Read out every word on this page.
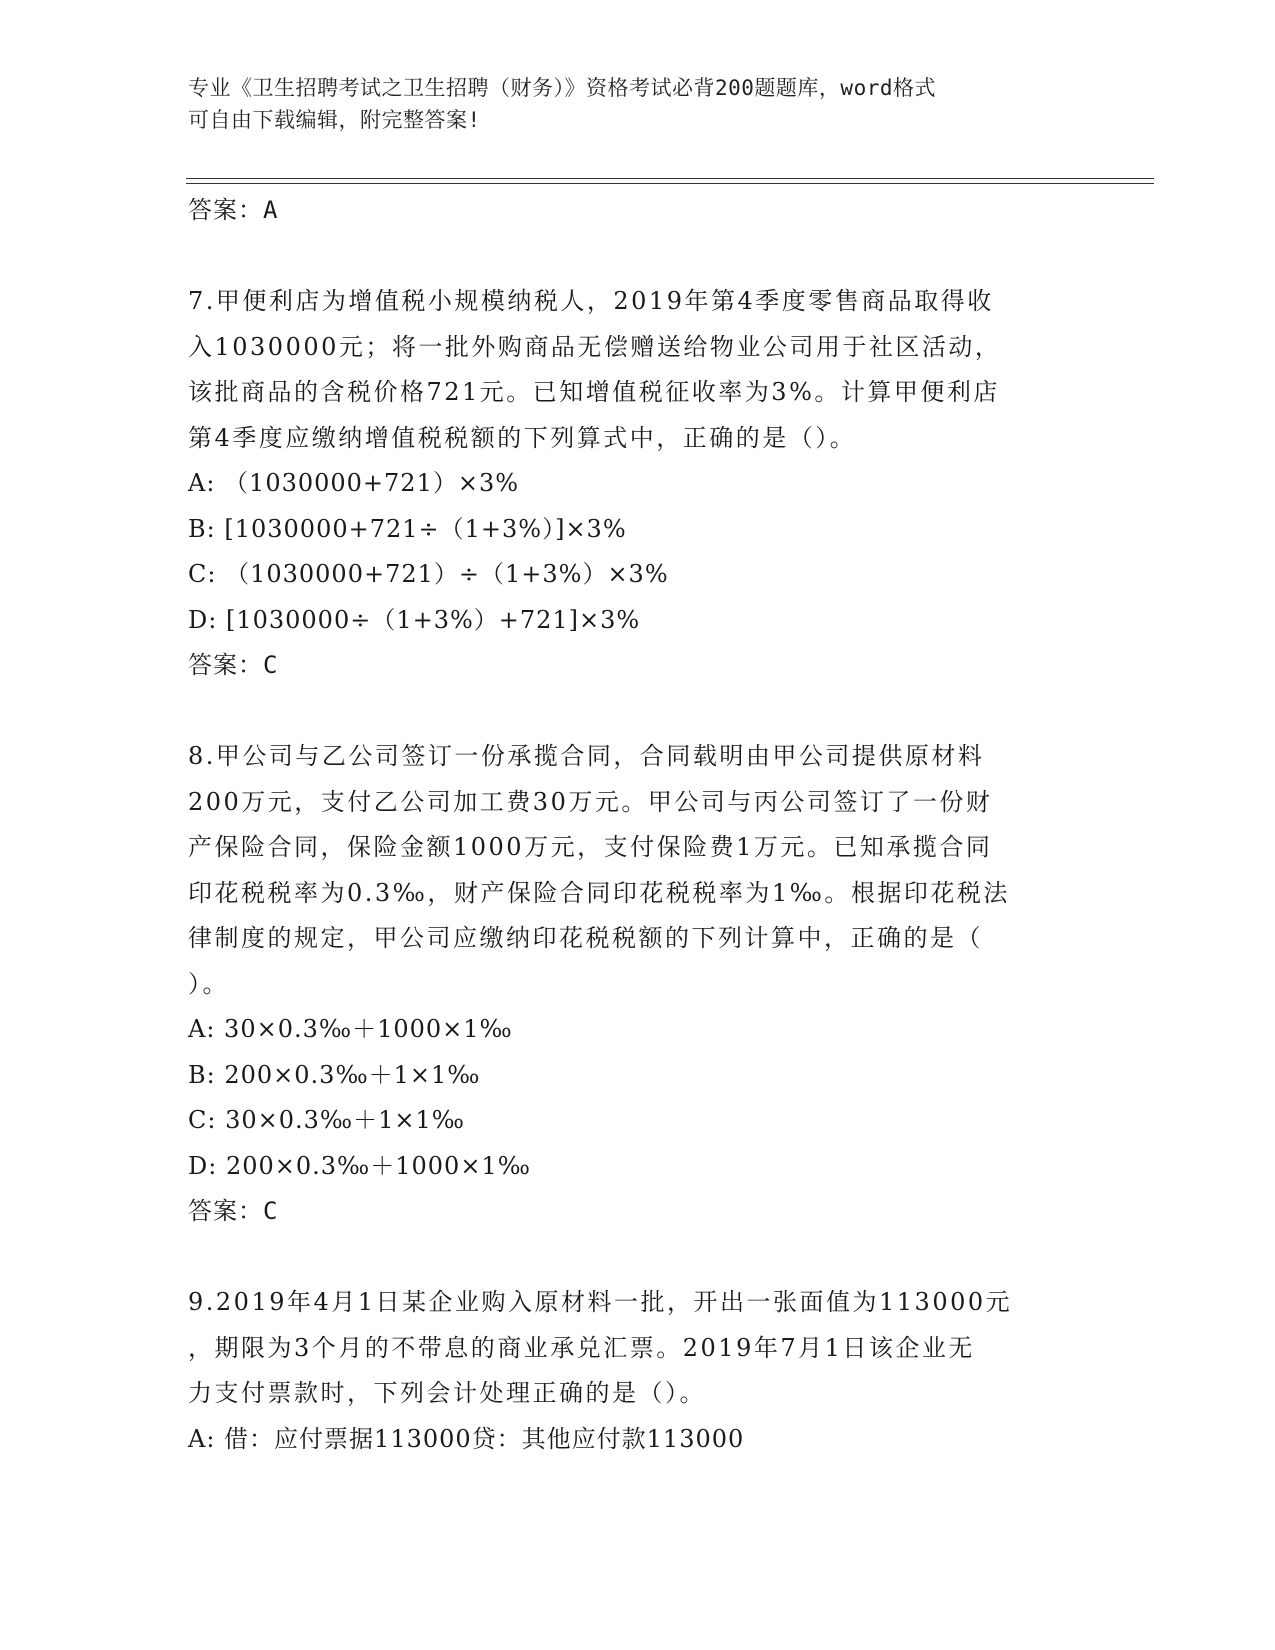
专业《卫生招聘考试之卫生招聘（财务）》资格考试必背200题题库，word格式
可自由下载编辑，附完整答案!
答案：A
7.甲便利店为增值税小规模纳税人，2019年第4季度零售商品取得收
入1030000元；将一批外购商品无偿赠送给物业公司用于社区活动，
该批商品的含税价格721元。已知增值税征收率为3%。计算甲便利店
第4季度应缴纳增值税税额的下列算式中，正确的是（）。
A: （1030000+721）×3%
B: [1030000+721÷（1+3%）]×3%
C: （1030000+721）÷（1+3%）×3%
D: [1030000÷（1+3%）+721]×3%
答案：C
8.甲公司与乙公司签订一份承揽合同，合同载明由甲公司提供原材料
200万元，支付乙公司加工费30万元。甲公司与丙公司签订了一份财
产保险合同，保险金额1000万元，支付保险费1万元。已知承揽合同
印花税税率为0.3‰，财产保险合同印花税税率为1‰。根据印花税法
律制度的规定，甲公司应缴纳印花税税额的下列计算中，正确的是（
）。
A: 30×0.3‰＋1000×1‰
B: 200×0.3‰＋1×1‰
C: 30×0.3‰＋1×1‰
D: 200×0.3‰＋1000×1‰
答案：C
9.2019年4月1日某企业购入原材料一批，开出一张面值为113000元
，期限为3个月的不带息的商业承兑汇票。2019年7月1日该企业无
力支付票款时，下列会计处理正确的是（）。
A: 借：应付票据113000贷：其他应付款113000
